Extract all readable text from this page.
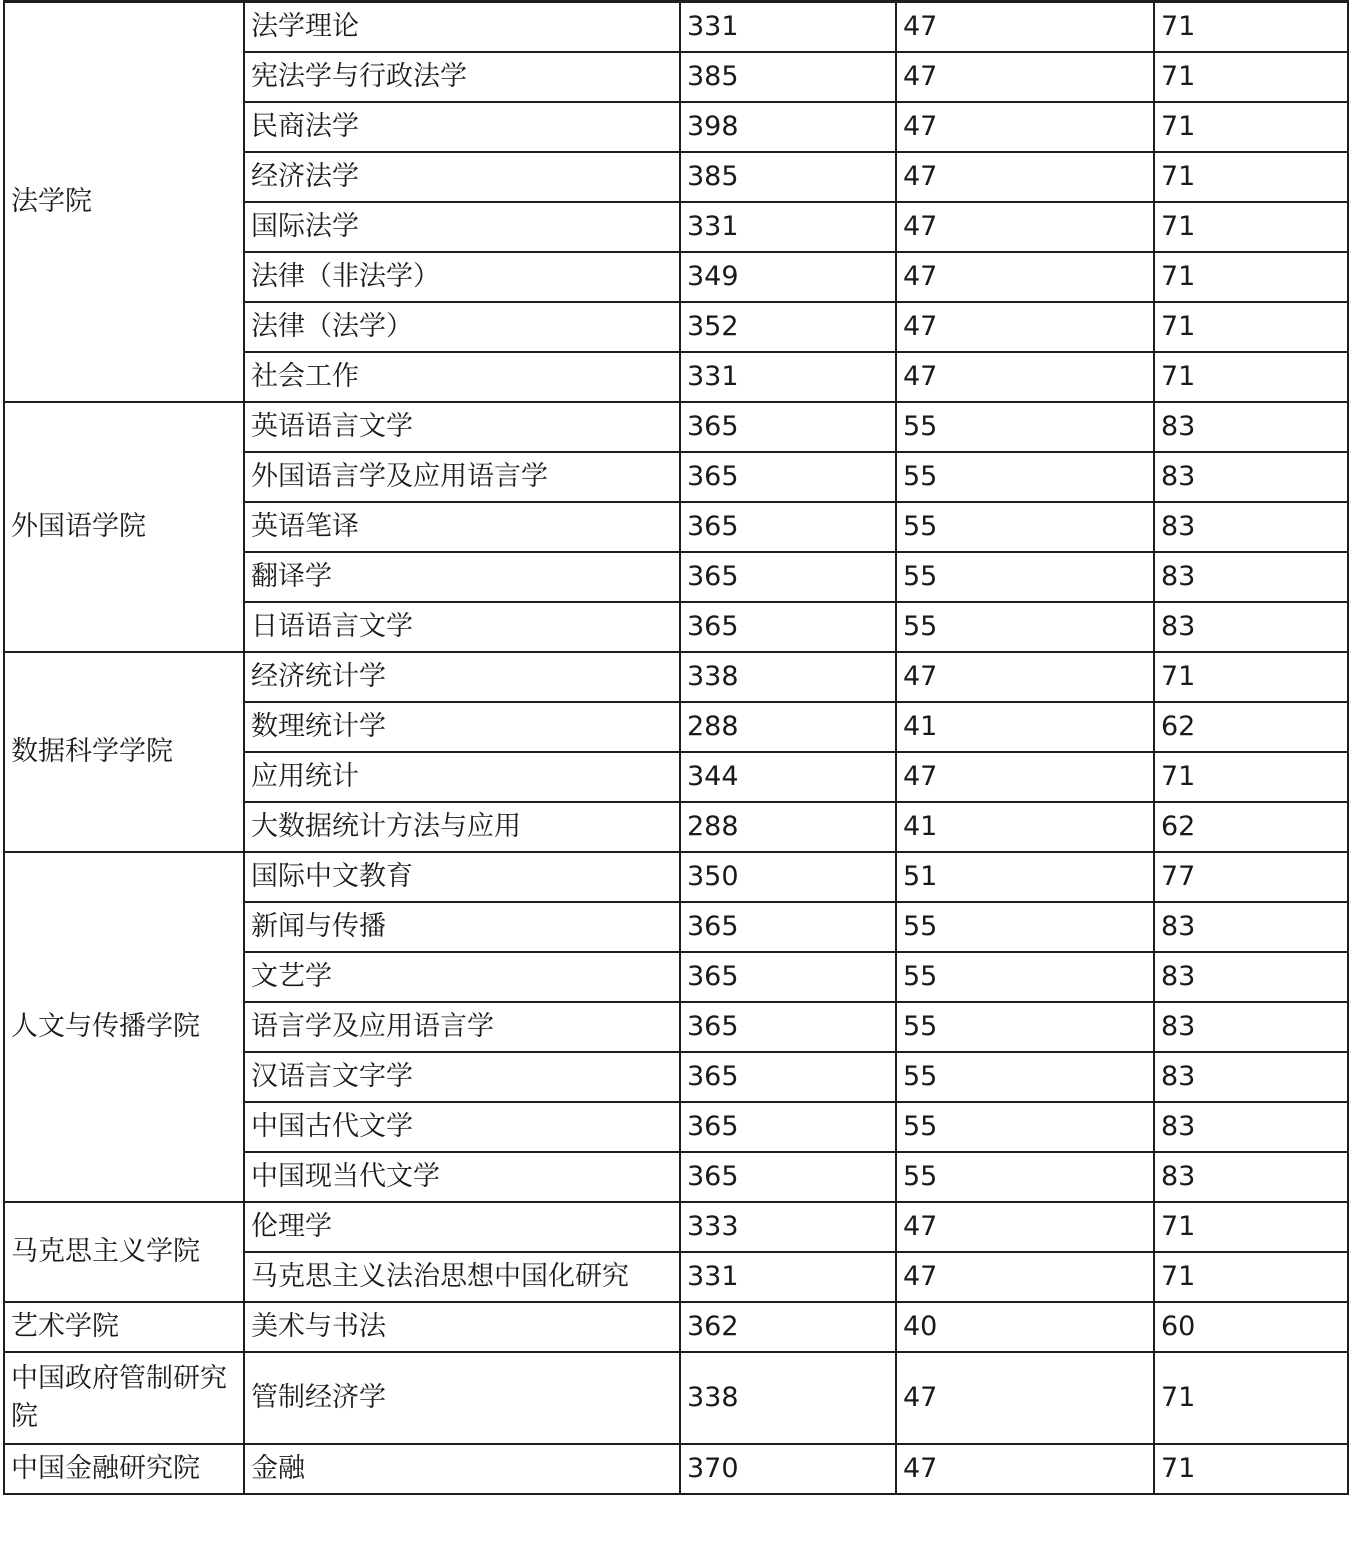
法学院	法学理论	331	47	71
	宪法学与行政法学	385	47	71
	民商法学	398	47	71
	经济法学	385	47	71
	国际法学	331	47	71
	法律（非法学）	349	47	71
	法律（法学）	352	47	71
	社会工作	331	47	71
外国语学院	英语语言文学	365	55	83
	外国语言学及应用语言学	365	55	83
	英语笔译	365	55	83
	翻译学	365	55	83
	日语语言文学	365	55	83
数据科学学院	经济统计学	338	47	71
	数理统计学	288	41	62
	应用统计	344	47	71
	大数据统计方法与应用	288	41	62
人文与传播学院	国际中文教育	350	51	77
	新闻与传播	365	55	83
	文艺学	365	55	83
	语言学及应用语言学	365	55	83
	汉语言文字学	365	55	83
	中国古代文学	365	55	83
	中国现当代文学	365	55	83
马克思主义学院	伦理学	333	47	71
	马克思主义法治思想中国化研究	331	47	71
艺术学院	美术与书法	362	40	60
中国政府管制研究院	管制经济学	338	47	71
中国金融研究院	金融	370	47	71
